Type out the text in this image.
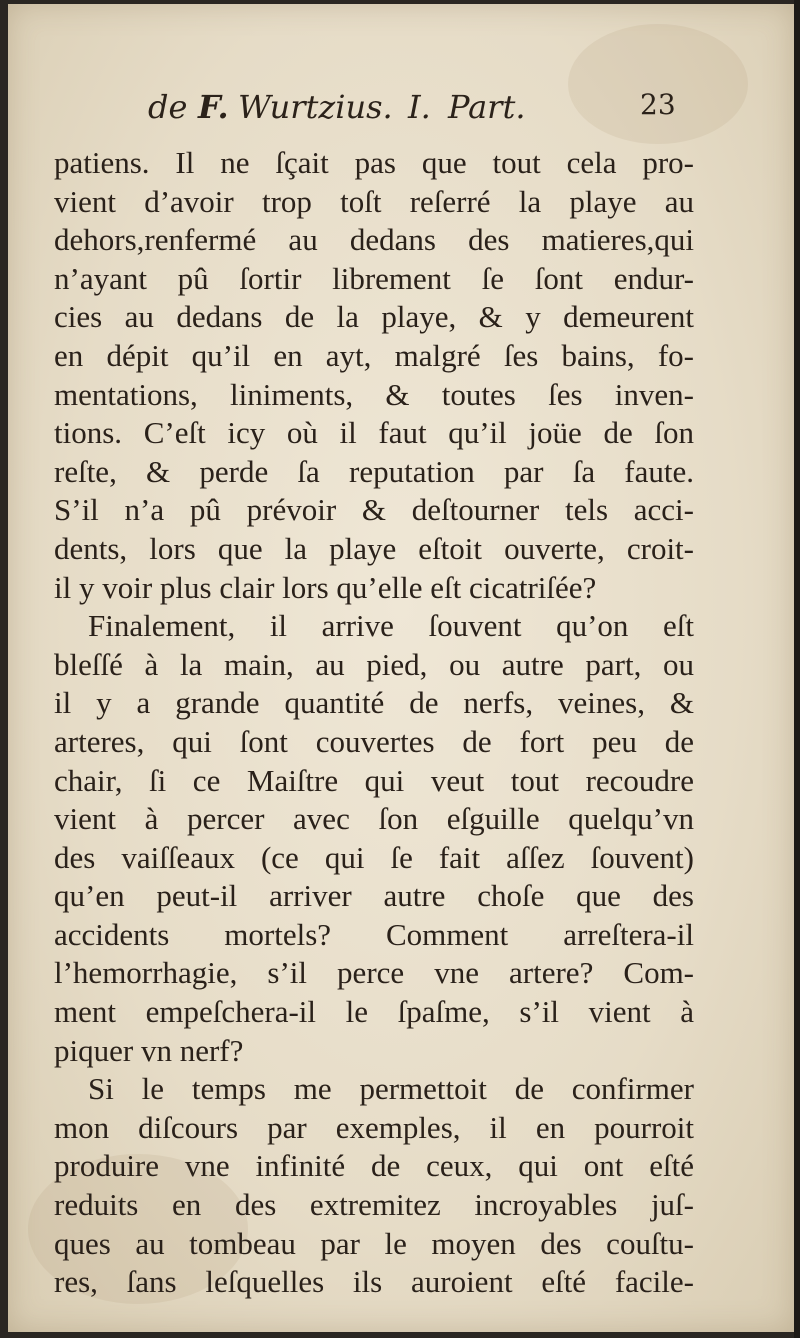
de F. Wurtzius. I. Part.	23
patiens. Il ne ſçait pas que tout cela pro-
vient d’avoir trop toſt reſerré la playe au
dehors,renfermé au dedans des matieres,qui
n’ayant pû ſortir librement ſe ſont endur-
cies au dedans de la playe, & y demeurent
en dépit qu’il en ayt, malgré ſes bains, fo-
mentations, liniments, & toutes ſes inven-
tions. C’eſt icy où il faut qu’il joüe de ſon
reſte, & perde ſa reputation par ſa faute.
S’il n’a pû prévoir & deſtourner tels acci-
dents, lors que la playe eſtoit ouverte, croit-
il y voir plus clair lors qu’elle eſt cicatriſée?
Finalement, il arrive ſouvent qu’on eſt
bleſſé à la main, au pied, ou autre part, ou
il y a grande quantité de nerfs, veines, &
arteres, qui ſont couvertes de fort peu de
chair, ſi ce Maiſtre qui veut tout recoudre
vient à percer avec ſon eſguille quelqu’vn
des vaiſſeaux (ce qui ſe fait aſſez ſouvent)
qu’en peut-il arriver autre choſe que des
accidents mortels? Comment arreſtera-il
l’hemorrhagie, s’il perce vne artere? Com-
ment empeſchera-il le ſpaſme, s’il vient à
piquer vn nerf?
Si le temps me permettoit de confirmer
mon diſcours par exemples, il en pourroit
produire vne infinité de ceux, qui ont eſté
reduits en des extremitez incroyables juſ-
ques au tombeau par le moyen des couſtu-
res, ſans leſquelles ils auroient eſté facile-
